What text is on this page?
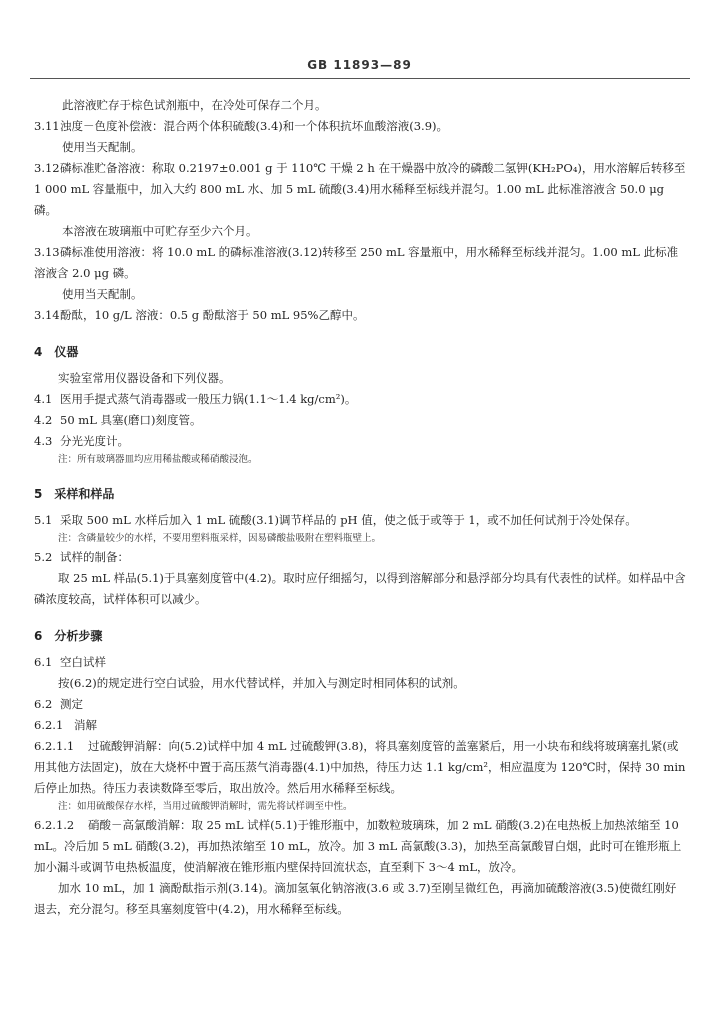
GB 11893—89

此溶液贮存于棕色试剂瓶中，在冷处可保存二个月。

3.11浊度－色度补偿液：混合两个体积硫酸(3.4)和一个体积抗坏血酸溶液(3.9)。

使用当天配制。

3.12磷标准贮备溶液：称取 0.2197±0.001 g 于 110℃ 干燥 2 h 在干燥器中放冷的磷酸二氢钾(KH₂PO₄)，用水溶解后转移至 1 000 mL 容量瓶中，加入大约 800 mL 水、加 5 mL 硫酸(3.4)用水稀释至标线并混匀。1.00 mL 此标准溶液含 50.0 μg 磷。

本溶液在玻璃瓶中可贮存至少六个月。

3.13磷标准使用溶液：将 10.0 mL 的磷标准溶液(3.12)转移至 250 mL 容量瓶中，用水稀释至标线并混匀。1.00 mL 此标准溶液含 2.0 μg 磷。

使用当天配制。

3.14酚酞，10 g/L 溶液：0.5 g 酚酞溶于 50 mL 95%乙醇中。

4　仪器

实验室常用仪器设备和下列仪器。

4.1 医用手提式蒸气消毒器或一般压力锅(1.1～1.4 kg/cm²)。

4.2 50 mL 具塞(磨口)刻度管。

4.3 分光光度计。

注：所有玻璃器皿均应用稀盐酸或稀硝酸浸泡。

5　采样和样品

5.1 采取 500 mL 水样后加入 1 mL 硫酸(3.1)调节样品的 pH 值，使之低于或等于 1，或不加任何试剂于冷处保存。

注：含磷量较少的水样，不要用塑料瓶采样，因易磷酸盐吸附在塑料瓶壁上。

5.2 试样的制备：

取 25 mL 样品(5.1)于具塞刻度管中(4.2)。取时应仔细摇匀，以得到溶解部分和悬浮部分均具有代表性的试样。如样品中含磷浓度较高，试样体积可以减少。

6　分析步骤

6.1 空白试样

按(6.2)的规定进行空白试验，用水代替试样，并加入与测定时相同体积的试剂。

6.2 测定

6.2.1 消解

6.2.1.1 过硫酸钾消解：向(5.2)试样中加 4 mL 过硫酸钾(3.8)，将具塞刻度管的盖塞紧后，用一小块布和线将玻璃塞扎紧(或用其他方法固定)，放在大烧杯中置于高压蒸气消毒器(4.1)中加热，待压力达 1.1 kg/cm²，相应温度为 120℃时，保持 30 min 后停止加热。待压力表读数降至零后，取出放冷。然后用水稀释至标线。

注：如用硫酸保存水样，当用过硫酸钾消解时，需先将试样调至中性。

6.2.1.2 硝酸－高氯酸消解：取 25 mL 试样(5.1)于锥形瓶中，加数粒玻璃珠，加 2 mL 硝酸(3.2)在电热板上加热浓缩至 10 mL。冷后加 5 mL 硝酸(3.2)，再加热浓缩至 10 mL，放冷。加 3 mL 高氯酸(3.3)，加热至高氯酸冒白烟，此时可在锥形瓶上加小漏斗或调节电热板温度，使消解液在锥形瓶内壁保持回流状态，直至剩下 3～4 mL，放冷。

加水 10 mL，加 1 滴酚酞指示剂(3.14)。滴加氢氧化钠溶液(3.6 或 3.7)至刚呈微红色，再滴加硫酸溶液(3.5)使微红刚好退去，充分混匀。移至具塞刻度管中(4.2)，用水稀释至标线。
